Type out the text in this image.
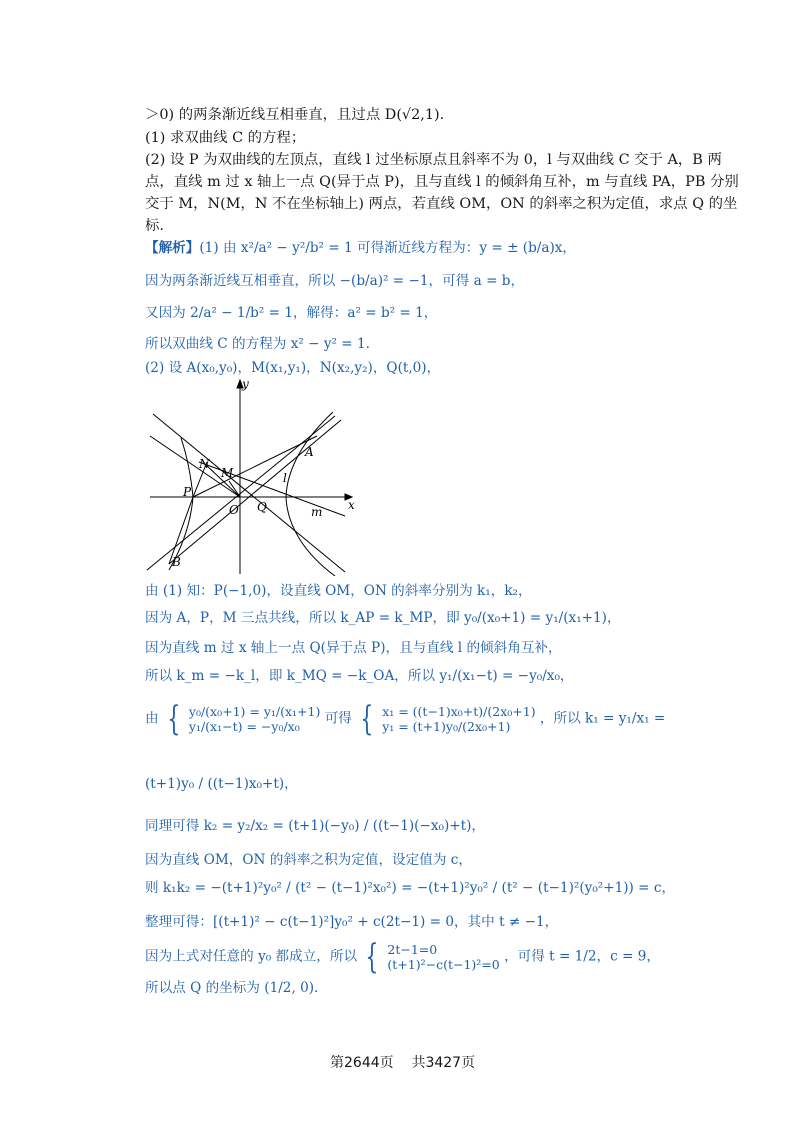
＞0) 的两条渐近线互相垂直，且过点 D(√2,1).
(1) 求双曲线 C 的方程；
(2) 设 P 为双曲线的左顶点，直线 l 过坐标原点且斜率不为 0，l 与双曲线 C 交于 A，B 两
点，直线 m 过 x 轴上一点 Q(异于点 P)，且与直线 l 的倾斜角互补，m 与直线 PA，PB 分别
交于 M，N(M，N 不在坐标轴上) 两点，若直线 OM，ON 的斜率之积为定值，求点 Q 的坐
标.
【解析】(1) 由 x²/a² − y²/b² = 1 可得渐近线方程为：y = ± (b/a)x，
因为两条渐近线互相垂直，所以 −(b/a)² = −1，可得 a = b，
又因为 2/a² − 1/b² = 1，解得：a² = b² = 1，
所以双曲线 C 的方程为 x² − y² = 1.
(2) 设 A(x₀,y₀)，M(x₁,y₁)，N(x₂,y₂)，Q(t,0)，
y
x
A
B
N
M
P
O Q
l
m
由 (1) 知：P(−1,0)，设直线 OM，ON 的斜率分别为 k₁，k₂，
因为 A，P，M 三点共线，所以 k_AP = k_MP，即 y₀/(x₀+1) = y₁/(x₁+1)，
因为直线 m 过 x 轴上一点 Q(异于点 P)，且与直线 l 的倾斜角互补，
所以 k_m = −k_l，即 k_MQ = −k_OA，所以 y₁/(x₁−t) = −y₀/x₀，
由 { y₀/(x₀+1) = y₁/(x₁+1)
y₁/(x₁−t) = −y₀/x₀	可得 { x₁ = ((t−1)x₀+t)/(2x₀+1)
y₁ = (t+1)y₀/(2x₀+1)	，所以 k₁ = y₁/x₁ =
(t+1)y₀ / ((t−1)x₀+t)，
同理可得 k₂ = y₂/x₂ = (t+1)(−y₀) / ((t−1)(−x₀)+t)，
因为直线 OM，ON 的斜率之积为定值，设定值为 c，
则 k₁k₂ = −(t+1)²y₀² / (t² − (t−1)²x₀²) = −(t+1)²y₀² / (t² − (t−1)²(y₀²+1)) = c，
整理可得：[(t+1)² − c(t−1)²]y₀² + c(2t−1) = 0，其中 t ≠ −1，
因为上式对任意的 y₀ 都成立，所以 { 2t−1=0
(t+1)²−c(t−1)²=0 ，可得 t = 1/2，c = 9，
所以点 Q 的坐标为 (1/2, 0).
第2644页 共3427页
